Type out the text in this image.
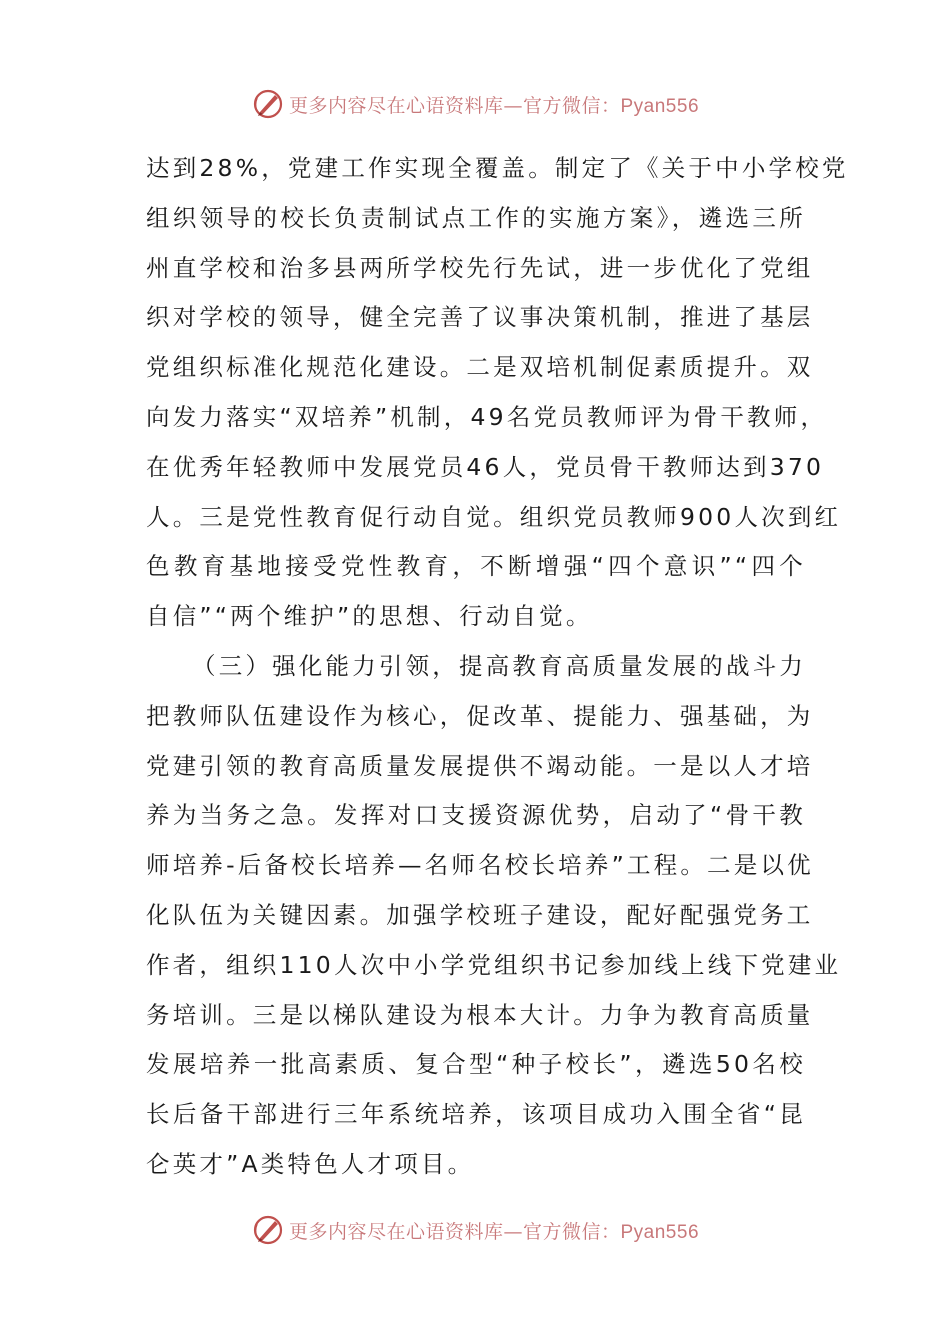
更多内容尽在心语资料库—官方微信：Pyan556
达到28%，党建工作实现全覆盖。制定了《关于中小学校党
组织领导的校长负责制试点工作的实施方案》，遴选三所
州直学校和治多县两所学校先行先试，进一步优化了党组
织对学校的领导，健全完善了议事决策机制，推进了基层
党组织标准化规范化建设。二是双培机制促素质提升。双
向发力落实“双培养”机制，49名党员教师评为骨干教师，
在优秀年轻教师中发展党员46人，党员骨干教师达到370
人。三是党性教育促行动自觉。组织党员教师900人次到红
色教育基地接受党性教育，不断增强“四个意识”“四个
自信”“两个维护”的思想、行动自觉。
（三）强化能力引领，提高教育高质量发展的战斗力
把教师队伍建设作为核心，促改革、提能力、强基础，为
党建引领的教育高质量发展提供不竭动能。一是以人才培
养为当务之急。发挥对口支援资源优势，启动了“骨干教
师培养-后备校长培养—名师名校长培养”工程。二是以优
化队伍为关键因素。加强学校班子建设，配好配强党务工
作者，组织110人次中小学党组织书记参加线上线下党建业
务培训。三是以梯队建设为根本大计。力争为教育高质量
发展培养一批高素质、复合型“种子校长”，遴选50名校
长后备干部进行三年系统培养，该项目成功入围全省“昆
仑英才”A类特色人才项目。
更多内容尽在心语资料库—官方微信：Pyan556
